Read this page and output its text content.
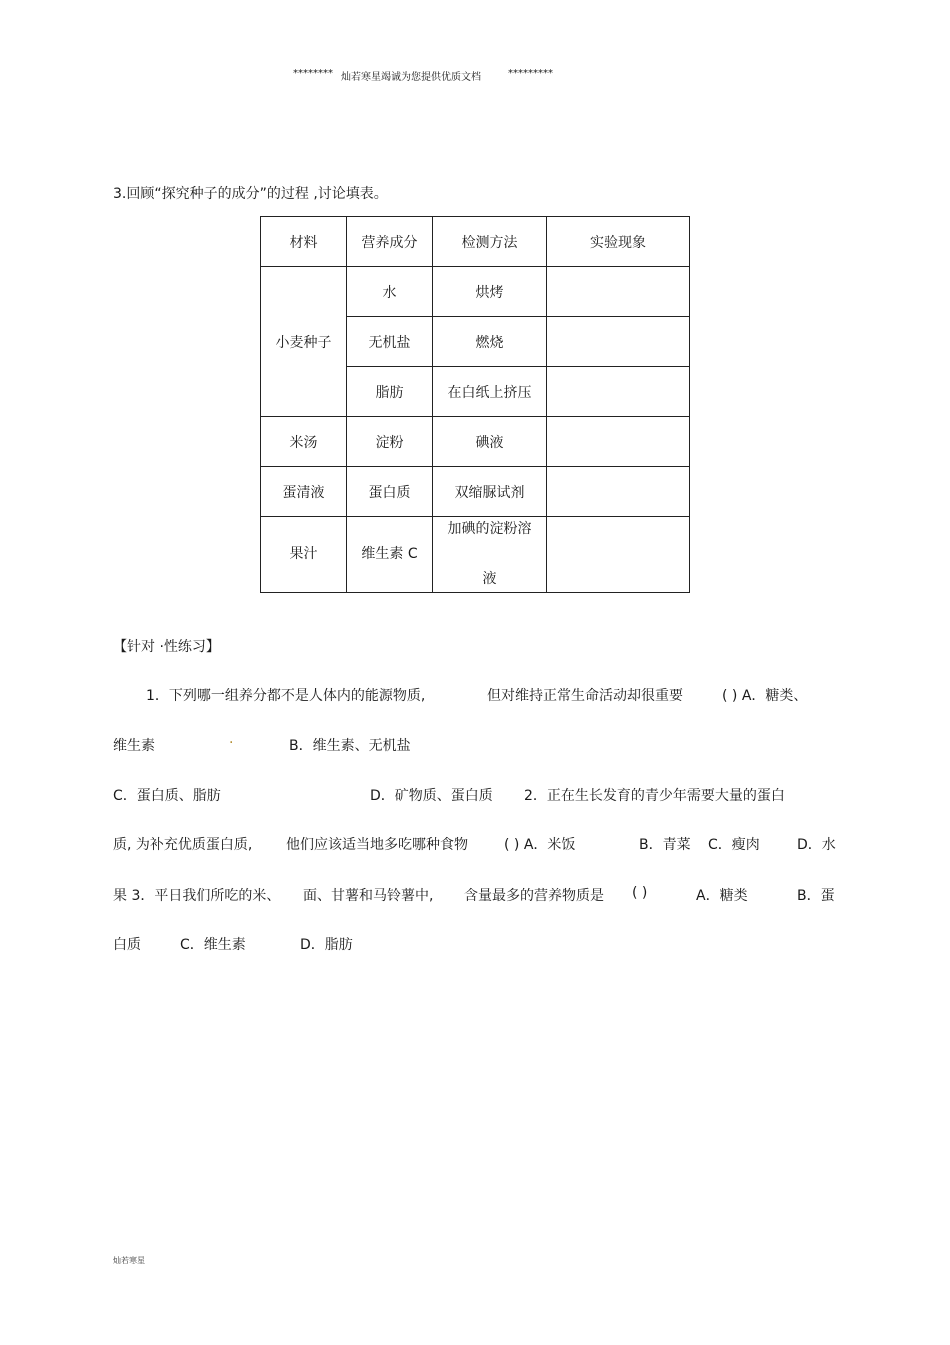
******** 灿若寒星竭诚为您提供优质文档	*********
3.回顾“探究种子的成分”的过程 ,讨论填表。
材料	营养成分	检测方法	实验现象
小麦种子	水	烘烤	
	无机盐	燃烧	
	脂肪	在白纸上挤压	
米汤	淀粉	碘液	
蛋清液	蛋白质	双缩脲试剂	
果汁	维生素 C	加碘的淀粉溶
液	

【针对 ·性练习】
1．下列哪一组养分都不是人体内的能源物质,	但对维持正常生命活动却很重要	( ) A．糖类、
维生素	·	B．维生素、无机盐
C．蛋白质、脂肪	D．矿物质、蛋白质 2．正在生长发育的青少年需要大量的蛋白
质, 为补充优质蛋白质, 他们应该适当地多吃哪种食物	( ) A．米饭	B．青菜 C．瘦肉	D．水
果 3．平日我们所吃的米、 面、甘薯和马铃薯中, 含量最多的营养物质是 ( )	A．糖类	B．蛋
白质	C．维生素	D．脂肪
灿若寒星
